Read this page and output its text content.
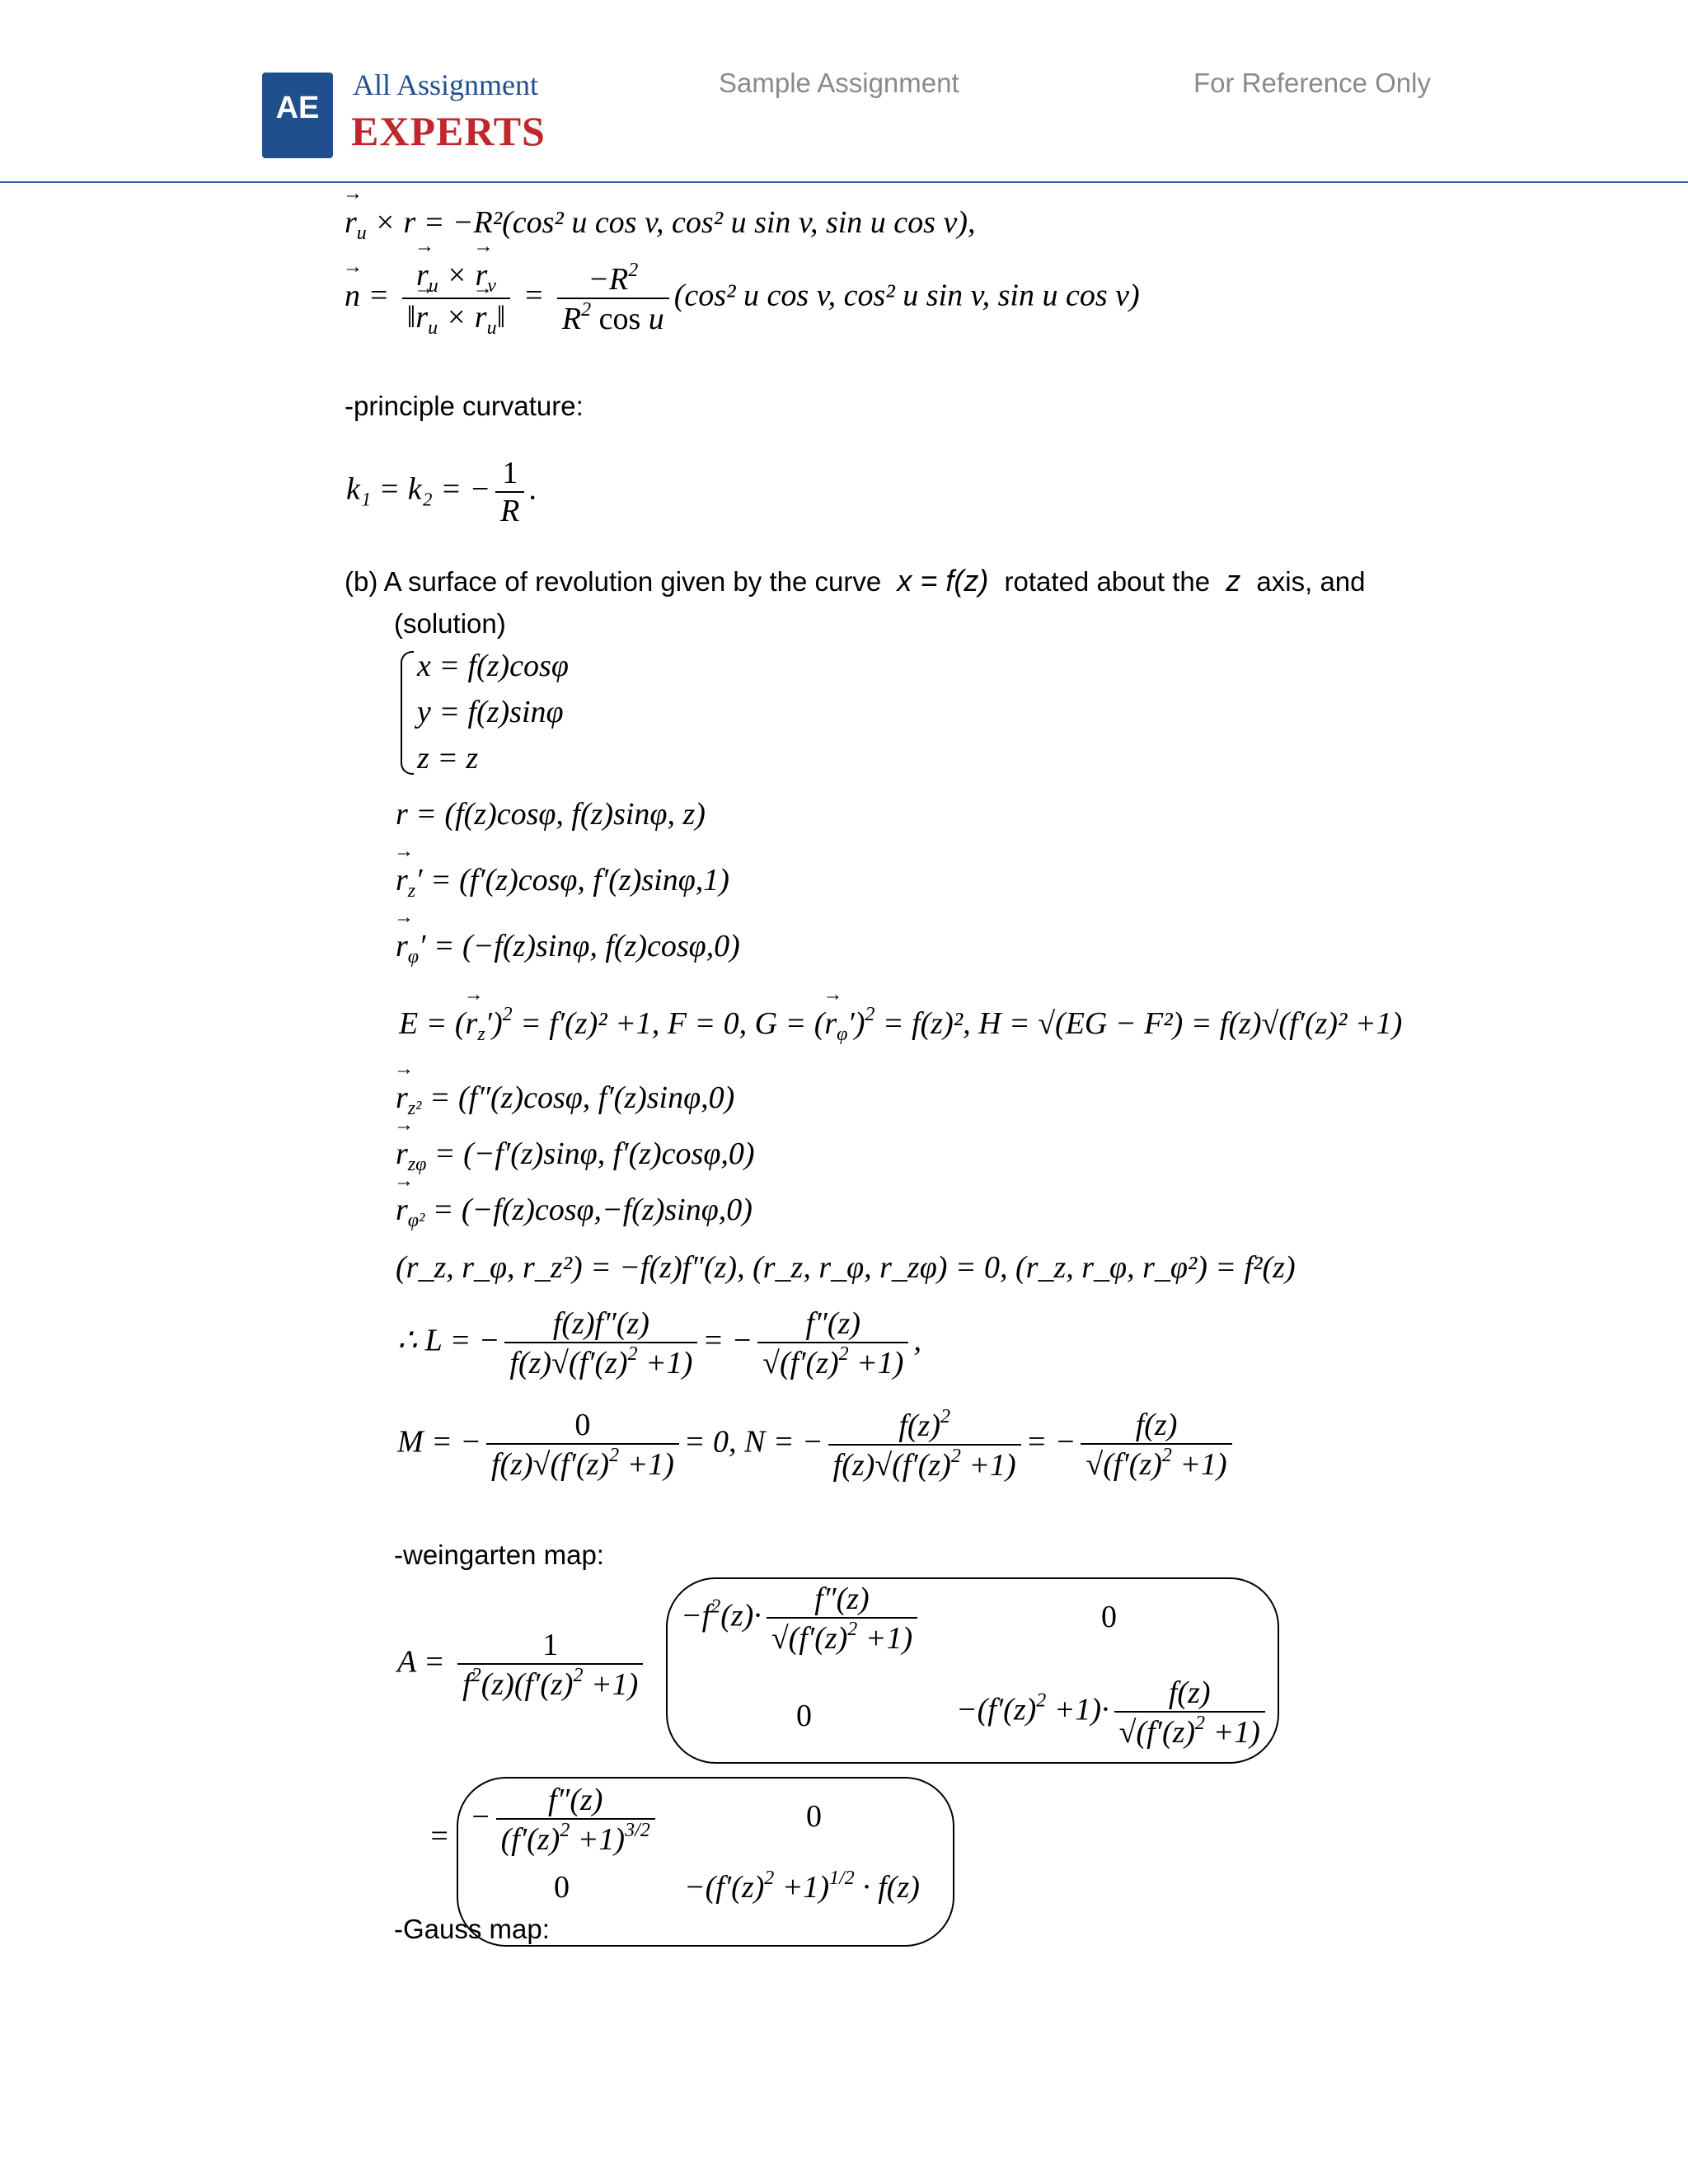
AE
All Assignment
EXPERTS
Sample Assignment	For Reference Only
→ $r_u \times r = -R^2(\cos^2$ u cos v, cos² u sin v, sin u cos v),
→ n =
→ $\frac{r_u \times \to r_v}{‖\to r_u \times \to r_u‖} = \frac{-R^2}{R^2 \cos u} (\cos^2$ u cos v, cos² u sin v, sin u cos v)
-principle curvature:
k₁ = k₂ = − $\frac{1}{R}$ .
(b) A surface of revolution given by the curve x = f(z) rotated about the z axis, and
(solution)
x = f(z)cosφ
y = f(z)sinφ
z = z
r = (f(z)cosφ, f(z)sinφ, z)
→ $r_z' = (f'(z)\cos\varphi$, f′(z)sinφ,1)
→ $r_\varphi' = (-f(z)\sin\varphi$, f(z)cosφ,0)
E = (→ $r_z')^2 = f'(z)^2 +1$, F = 0, G = (→ $r_\varphi')^2 = f(z)^2$, H = √(EG − F²) = f(z)√(f′(z)² +1)
→ $r_{z^2} = (f''(z)\cos\varphi$, f′(z)sinφ,0)
→ $r_{z\varphi} = (-f'(z)\sin\varphi$, f′(z)cosφ,0)
→ $r_{\varphi^2} = (-f(z)\cos\varphi,-f(z)\sin\varphi,0)$
(r_z, r_φ, r_z²) = −f(z)f″(z), (r_z, r_φ, r_zφ) = 0, (r_z, r_φ, r_φ²) = f²(z)
∴ L = − $\frac{f(z)f''(z)}{f(z)√(f'(z)^2 +1)}$ = − $\frac{f''(z)}{√(f'(z)^2 +1)}$ ,
M = − $\frac{0}{f(z)√(f'(z)^2 +1)} = 0$, N = − $\frac{f(z)^2}{f(z)√(f'(z)^2 +1)}$ = − $\frac{f(z)}{√(f'(z)^2 +1)}$
-weingarten map:
$A = \frac{1}{f^2(z)(f'(z)^2 +1)}$
$-f^2(z)\cdot \frac{f''(z)}{√(f'(z)^2 +1)}$	0
0	$-(f'(z)^2 +1)\cdot \frac{f(z)}{√(f'(z)^2 +1)}$
=
− $\frac{f''(z)}{(f'(z)^2 +1)^{3/2}}$	0
0	$-(f'(z)^2 +1)^{1/2} \cdot f(z)$
-Gauss map:
